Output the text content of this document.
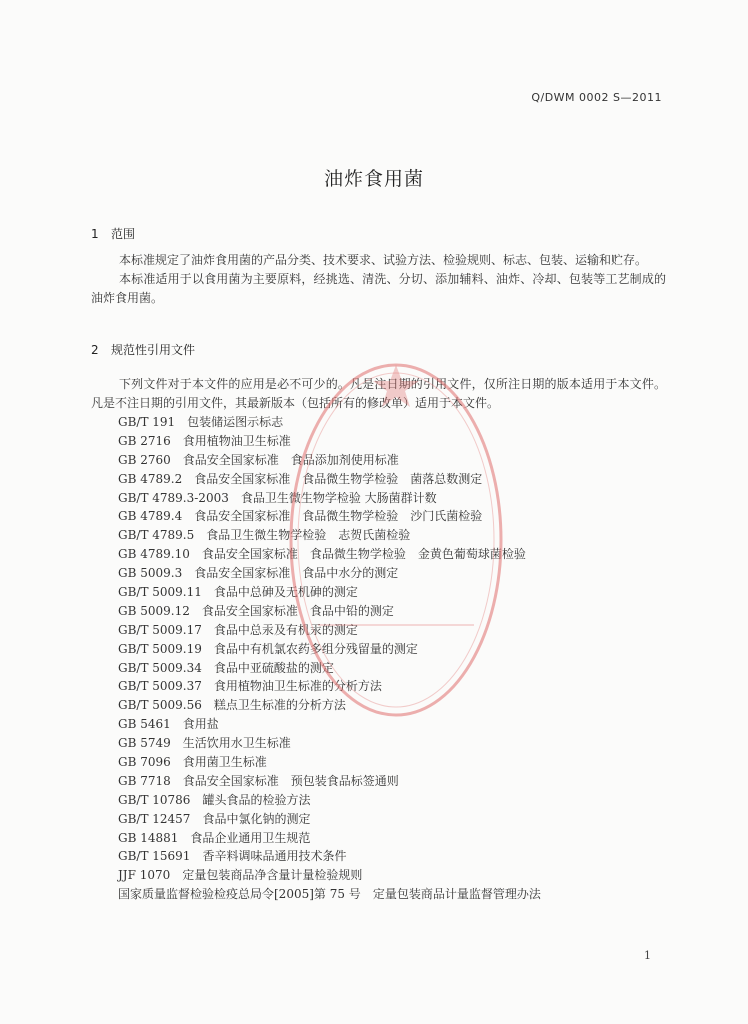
Q/DWM 0002 S—2011
油炸食用菌
1 范围

本标准规定了油炸食用菌的产品分类、技术要求、试验方法、检验规则、标志、包装、运输和贮存。

本标准适用于以食用菌为主要原料，经挑选、清洗、分切、添加辅料、油炸、冷却、包装等工艺制成的油炸食用菌。

2 规范性引用文件

下列文件对于本文件的应用是必不可少的。凡是注日期的引用文件，仅所注日期的版本适用于本文件。凡是不注日期的引用文件，其最新版本（包括所有的修改单）适用于本文件。

GB/T 191 包装储运图示标志
GB 2716 食用植物油卫生标准
GB 2760 食品安全国家标准　食品添加剂使用标准
GB 4789.2 食品安全国家标准　食品微生物学检验　菌落总数测定
GB/T 4789.3-2003 食品卫生微生物学检验 大肠菌群计数
GB 4789.4 食品安全国家标准　食品微生物学检验　沙门氏菌检验
GB/T 4789.5 食品卫生微生物学检验　志贺氏菌检验
GB 4789.10 食品安全国家标准　食品微生物学检验　金黄色葡萄球菌检验
GB 5009.3 食品安全国家标准　食品中水分的测定
GB/T 5009.11 食品中总砷及无机砷的测定
GB 5009.12 食品安全国家标准　食品中铅的测定
GB/T 5009.17 食品中总汞及有机汞的测定
GB/T 5009.19 食品中有机氯农药多组分残留量的测定
GB/T 5009.34 食品中亚硫酸盐的测定
GB/T 5009.37 食用植物油卫生标准的分析方法
GB/T 5009.56 糕点卫生标准的分析方法
GB 5461 食用盐
GB 5749 生活饮用水卫生标准
GB 7096 食用菌卫生标准
GB 7718 食品安全国家标准　预包装食品标签通则
GB/T 10786 罐头食品的检验方法
GB/T 12457 食品中氯化钠的测定
GB 14881 食品企业通用卫生规范
GB/T 15691 香辛料调味品通用技术条件
JJF 1070 定量包装商品净含量计量检验规则
国家质量监督检验检疫总局令[2005]第 75 号 定量包装商品计量监督管理办法
1
